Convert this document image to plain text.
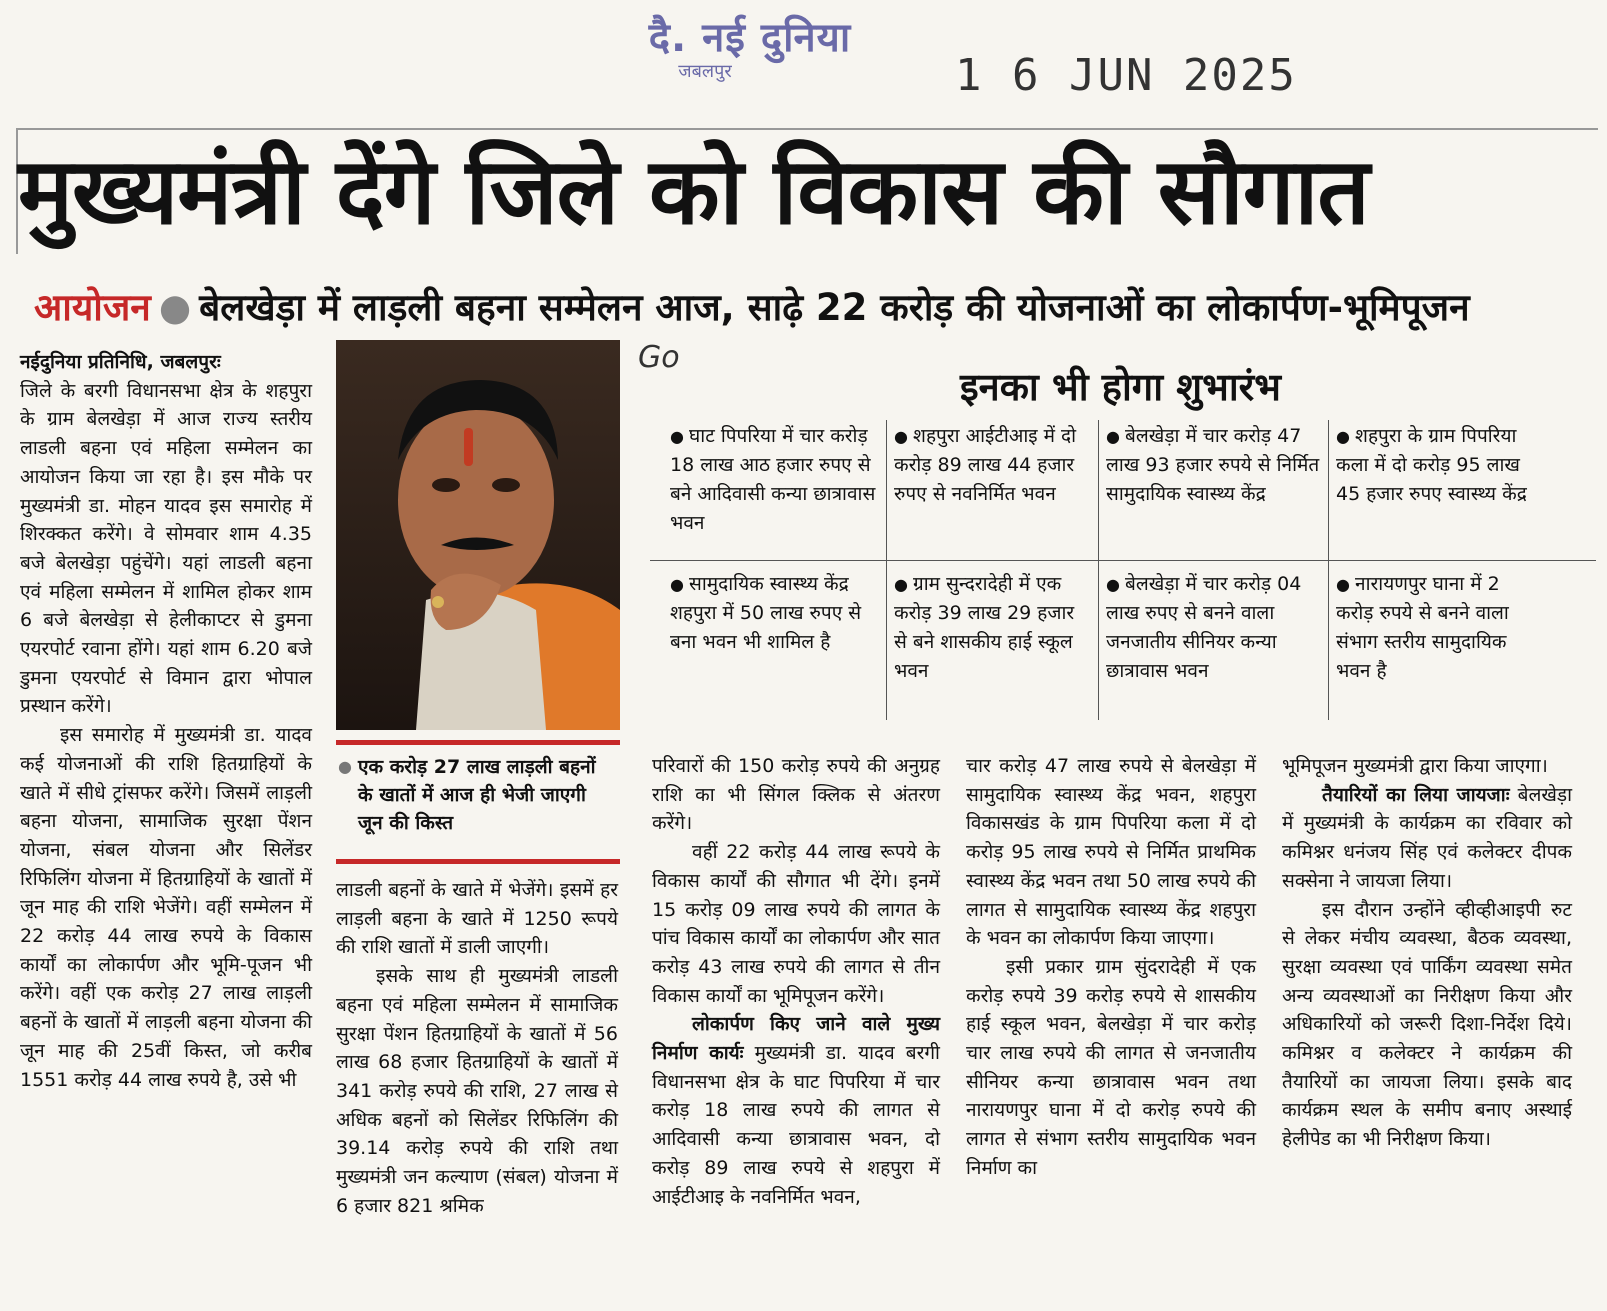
दै. नई दुनिया
जबलपुर	1 6 JUN 2025
मुख्यमंत्री देंगे जिले को विकास की सौगात
आयोजन ● बेलखेड़ा में लाड़ली बहना सम्मेलन आज, साढ़े 22 करोड़ की योजनाओं का लोकार्पण-भूमिपूजन

नईदुनिया प्रतिनिधि, जबलपुरः

जिले के बरगी विधानसभा क्षेत्र के शहपुरा के ग्राम बेलखेड़ा में आज राज्य स्तरीय लाडली बहना एवं महिला सम्मेलन का आयोजन किया जा रहा है। इस मौके पर मुख्यमंत्री डा. मोहन यादव इस समारोह में शिरक्कत करेंगे। वे सोमवार शाम 4.35 बजे बेलखेड़ा पहुंचेंगे। यहां लाडली बहना एवं महिला सम्मेलन में शामिल होकर शाम 6 बजे बेलखेड़ा से हेलीकाप्टर से डुमना एयरपोर्ट रवाना होंगे। यहां शाम 6.20 बजे डुमना एयरपोर्ट से विमान द्वारा भोपाल प्रस्थान करेंगे।

इस समारोह में मुख्यमंत्री डा. यादव कई योजनाओं की राशि हितग्राहियों के खाते में सीधे ट्रांसफर करेंगे। जिसमें लाड़ली बहना योजना, सामाजिक सुरक्षा पेंशन योजना, संबल योजना और सिलेंडर रिफिलिंग योजना में हितग्राहियों के खातों में जून माह की राशि भेजेंगे। वहीं सम्मेलन में 22 करोड़ 44 लाख रुपये के विकास कार्यों का लोकार्पण और भूमि-पूजन भी करेंगे। वहीं एक करोड़ 27 लाख लाड़ली बहनों के खातों में लाड़ली बहना योजना की जून माह की 25वीं किस्त, जो करीब 1551 करोड़ 44 लाख रुपये है, उसे भी

● एक करोड़ 27 लाख लाड़ली बहनों के खातों में आज ही भेजी जाएगी जून की किस्त

लाडली बहनों के खाते में भेजेंगे। इसमें हर लाड़ली बहना के खाते में 1250 रूपये की राशि खातों में डाली जाएगी।

इसके साथ ही मुख्यमंत्री लाडली बहना एवं महिला सम्मेलन में सामाजिक सुरक्षा पेंशन हितग्राहियों के खातों में 56 लाख 68 हजार हितग्राहियों के खातों में 341 करोड़ रुपये की राशि, 27 लाख से अधिक बहनों को सिलेंडर रिफिलिंग की 39.14 करोड़ रुपये की राशि तथा मुख्यमंत्री जन कल्याण (संबल) योजना में 6 हजार 821 श्रमिक

Go
इनका भी होगा शुभारंभ
● घाट पिपरिया में चार करोड़ 18 लाख आठ हजार रुपए से बने आदिवासी कन्या छात्रावास भवन
● शहपुरा आईटीआइ में दो करोड़ 89 लाख 44 हजार रुपए से नवनिर्मित भवन
● बेलखेड़ा में चार करोड़ 47 लाख 93 हजार रुपये से निर्मित सामुदायिक स्वास्थ्य केंद्र
● शहपुरा के ग्राम पिपरिया कला में दो करोड़ 95 लाख 45 हजार रुपए स्वास्थ्य केंद्र
● सामुदायिक स्वास्थ्य केंद्र शहपुरा में 50 लाख रुपए से बना भवन भी शामिल है
● ग्राम सुन्दरादेही में एक करोड़ 39 लाख 29 हजार से बने शासकीय हाई स्कूल भवन
● बेलखेड़ा में चार करोड़ 04 लाख रुपए से बनने वाला जनजातीय सीनियर कन्या छात्रावास भवन
● नारायणपुर घाना में 2 करोड़ रुपये से बनने वाला संभाग स्तरीय सामुदायिक भवन है

परिवारों की 150 करोड़ रुपये की अनुग्रह राशि का भी सिंगल क्लिक से अंतरण करेंगे।

वहीं 22 करोड़ 44 लाख रूपये के विकास कार्यों की सौगात भी देंगे। इनमें 15 करोड़ 09 लाख रुपये की लागत के पांच विकास कार्यों का लोकार्पण और सात करोड़ 43 लाख रुपये की लागत से तीन विकास कार्यों का भूमिपूजन करेंगे।

लोकार्पण किए जाने वाले मुख्य निर्माण कार्यः मुख्यमंत्री डा. यादव बरगी विधानसभा क्षेत्र के घाट पिपरिया में चार करोड़ 18 लाख रुपये की लागत से आदिवासी कन्या छात्रावास भवन, दो करोड़ 89 लाख रुपये से शहपुरा में आईटीआइ के नवनिर्मित भवन,

चार करोड़ 47 लाख रुपये से बेलखेड़ा में सामुदायिक स्वास्थ्य केंद्र भवन, शहपुरा विकासखंड के ग्राम पिपरिया कला में दो करोड़ 95 लाख रुपये से निर्मित प्राथमिक स्वास्थ्य केंद्र भवन तथा 50 लाख रुपये की लागत से सामुदायिक स्वास्थ्य केंद्र शहपुरा के भवन का लोकार्पण किया जाएगा।

इसी प्रकार ग्राम सुंदरादेही में एक करोड़ रुपये 39 करोड़ रुपये से शासकीय हाई स्कूल भवन, बेलखेड़ा में चार करोड़ चार लाख रुपये की लागत से जनजातीय सीनियर कन्या छात्रावास भवन तथा नारायणपुर घाना में दो करोड़ रुपये की लागत से संभाग स्तरीय सामुदायिक भवन निर्माण का

भूमिपूजन मुख्यमंत्री द्वारा किया जाएगा।

तैयारियों का लिया जायजाः बेलखेड़ा में मुख्यमंत्री के कार्यक्रम का रविवार को कमिश्नर धनंजय सिंह एवं कलेक्टर दीपक सक्सेना ने जायजा लिया।

इस दौरान उन्होंने व्हीव्हीआइपी रुट से लेकर मंचीय व्यवस्था, बैठक व्यवस्था, सुरक्षा व्यवस्था एवं पार्किंग व्यवस्था समेत अन्य व्यवस्थाओं का निरीक्षण किया और अधिकारियों को जरूरी दिशा-निर्देश दिये। कमिश्नर व कलेक्टर ने कार्यक्रम की तैयारियों का जायजा लिया। इसके बाद कार्यक्रम स्थल के समीप बनाए अस्थाई हेलीपेड का भी निरीक्षण किया।
